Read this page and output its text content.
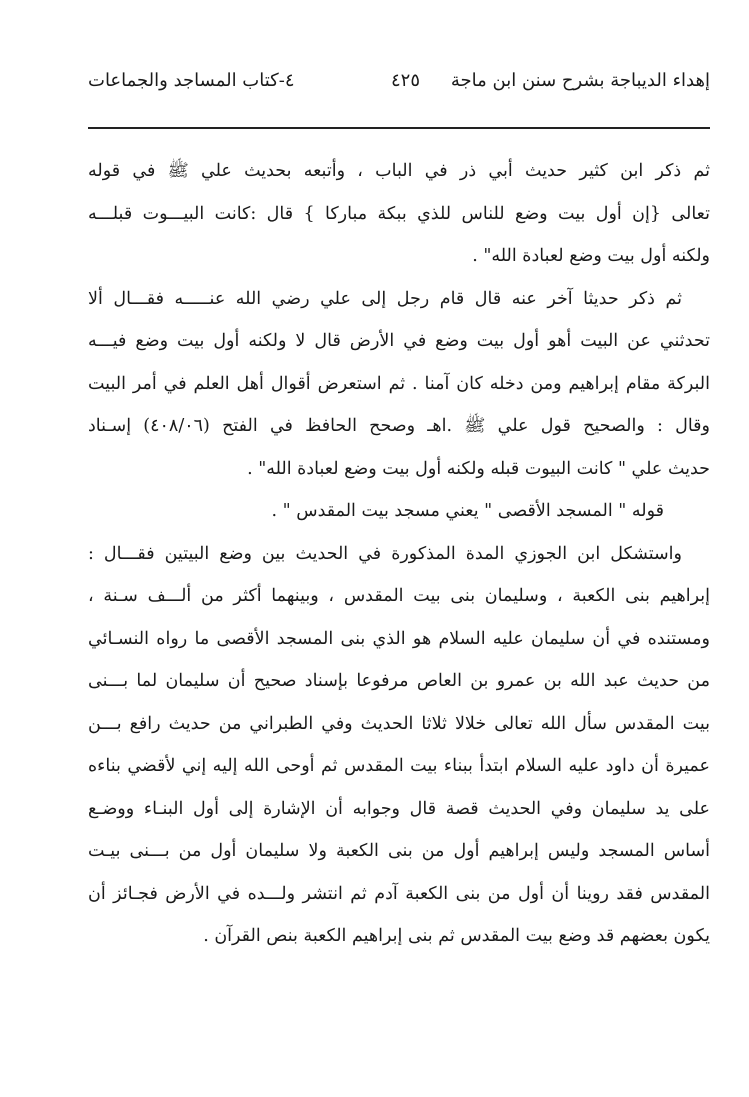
إهداء الديباجة بشرح سنن ابن ماجة
٤٢٥
٤-كتاب المساجد والجماعات
ثم ذكر ابن كثير حديث أبي ذر في الباب ، وأتبعه بحديث علي ﷺ في قوله
تعالى {إن أول بيت وضع للناس للذي ببكة مباركا } قال :كانت البيـــوت قبلـــه
ولكنه أول بيت وضع لعبادة الله" .
ثم ذكر حديثا آخر عنه قال قام رجل إلى علي رضي الله عنـــــه فقـــال ألا
تحدثني عن البيت أهو أول بيت وضع في الأرض قال لا ولكنه أول بيت وضع فيـــه
البركة مقام إبراهيم ومن دخله كان آمنا . ثم استعرض أقوال أهل العلم في أمر البيت
وقال : والصحيح قول علي ﷺ .اهـ وصحح الحافظ في الفتح (٤٠٨/٠٦) إسـناد
حديث علي " كانت البيوت قبله ولكنه أول بيت وضع لعبادة الله" .
قوله " المسجد الأقصى " يعني مسجد بيت المقدس " .
واستشكل ابن الجوزي المدة المذكورة في الحديث بين وضع البيتين فقـــال :
إبراهيم بنى الكعبة ، وسليمان بنى بيت المقدس ، وبينهما أكثر من ألـــف سـنة ،
ومستنده في أن سليمان عليه السلام هو الذي بنى المسجد الأقصى ما رواه النسـائي
من حديث عبد الله بن عمرو بن العاص مرفوعا بإسناد صحيح أن سليمان لما بـــنى
بيت المقدس سأل الله تعالى خلالا ثلاثا الحديث وفي الطبراني من حديث رافع بـــن
عميرة أن داود عليه السلام ابتدأ ببناء بيت المقدس ثم أوحى الله إليه إني لأقضي بناءه
على يد سليمان وفي الحديث قصة قال وجوابه أن الإشارة إلى أول البنـاء ووضـع
أساس المسجد وليس إبراهيم أول من بنى الكعبة ولا سليمان أول من بـــنى بيـت
المقدس فقد روينا أن أول من بنى الكعبة آدم ثم انتشر ولـــده في الأرض فجـائز أن
يكون بعضهم قد وضع بيت المقدس ثم بنى إبراهيم الكعبة بنص القرآن .
